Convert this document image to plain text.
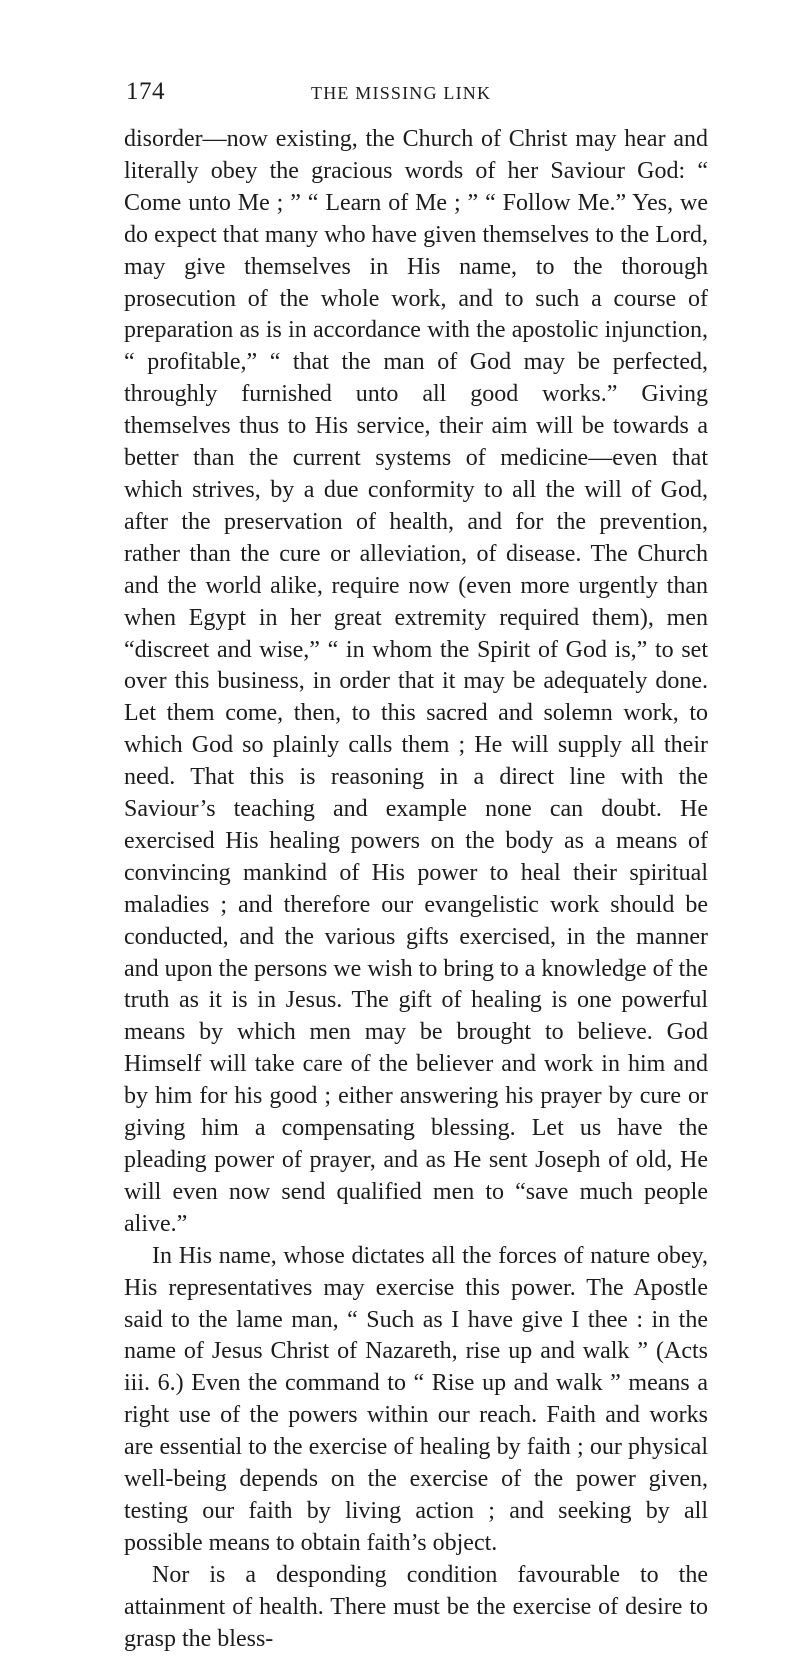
174	THE MISSING LINK

disorder—now existing, the Church of Christ may hear and literally obey the gracious words of her Saviour God: “ Come unto Me ; ” “ Learn of Me ; ” “ Follow Me.” Yes, we do expect that many who have given themselves to the Lord, may give themselves in His name, to the thorough prosecution of the whole work, and to such a course of preparation as is in accordance with the apostolic injunction, “ profitable,” “ that the man of God may be perfected, throughly furnished unto all good works.” Giving themselves thus to His service, their aim will be towards a better than the current systems of medicine—even that which strives, by a due conformity to all the will of God, after the preservation of health, and for the prevention, rather than the cure or alleviation, of disease. The Church and the world alike, require now (even more urgently than when Egypt in her great extremity required them), men “discreet and wise,” “ in whom the Spirit of God is,” to set over this business, in order that it may be adequately done. Let them come, then, to this sacred and solemn work, to which God so plainly calls them ; He will supply all their need. That this is reasoning in a direct line with the Saviour’s teaching and example none can doubt. He exercised His healing powers on the body as a means of convincing mankind of His power to heal their spiritual maladies ; and therefore our evangelistic work should be conducted, and the various gifts exercised, in the manner and upon the persons we wish to bring to a knowledge of the truth as it is in Jesus. The gift of healing is one powerful means by which men may be brought to believe. God Himself will take care of the believer and work in him and by him for his good ; either answering his prayer by cure or giving him a compensating blessing. Let us have the pleading power of prayer, and as He sent Joseph of old, He will even now send qualified men to “save much people alive.”

In His name, whose dictates all the forces of nature obey, His representatives may exercise this power. The Apostle said to the lame man, “ Such as I have give I thee : in the name of Jesus Christ of Nazareth, rise up and walk ” (Acts iii. 6.) Even the command to “ Rise up and walk ” means a right use of the powers within our reach. Faith and works are essential to the exercise of healing by faith ; our physical well-being depends on the exercise of the power given, testing our faith by living action ; and seeking by all possible means to obtain faith’s object.

Nor is a desponding condition favourable to the attainment of health. There must be the exercise of desire to grasp the bless-
